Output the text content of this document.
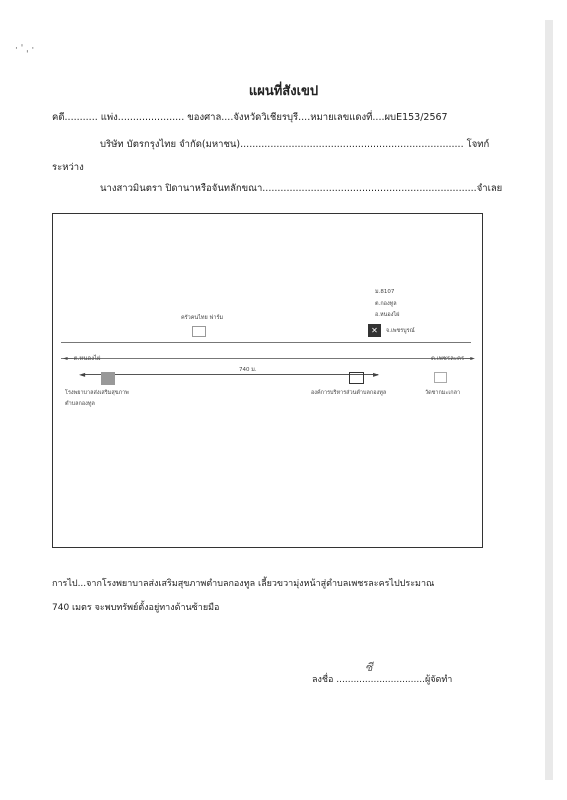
· ˈ ˌ ·
แผนที่สังเขป
คดี........... แพ่ง...................... ของศาล....จังหวัดวิเชียรบุรี....หมายเลขแดงที่....ผบE153/2567
บริษัท บัตรกรุงไทย จำกัด(มหาชน).......................................................................... โจทก์
ระหว่าง
นางสาวมินตรา ปิดานาหรือจันทลักขณา.......................................................................จำเลย
◄—ต.หนองไผ่	ต.เพชรละคร—►
ครัวคนไทย ฟาร์ม
ม.8107
ต.กองทูล
อ.หนองไผ่
✕	จ.เพชรบูรณ์
◄	►
740 ม.
โรงพยาบาลส่งเสริมสุขภาพ
ตำบลกองทูล
องค์การบริหารส่วนตำบลกองทูล	วัดชากมะเกลา
การไป...จากโรงพยาบาลส่งเสริมสุขภาพตำบลกองทูล เลี้ยวขวามุ่งหน้าสู่ตำบลเพชรละครไปประมาณ
740 เมตร จะพบทรัพย์ตั้งอยู่ทางด้านซ้ายมือ
ซี
ลงชื่อ ...............................ผู้จัดทำ
